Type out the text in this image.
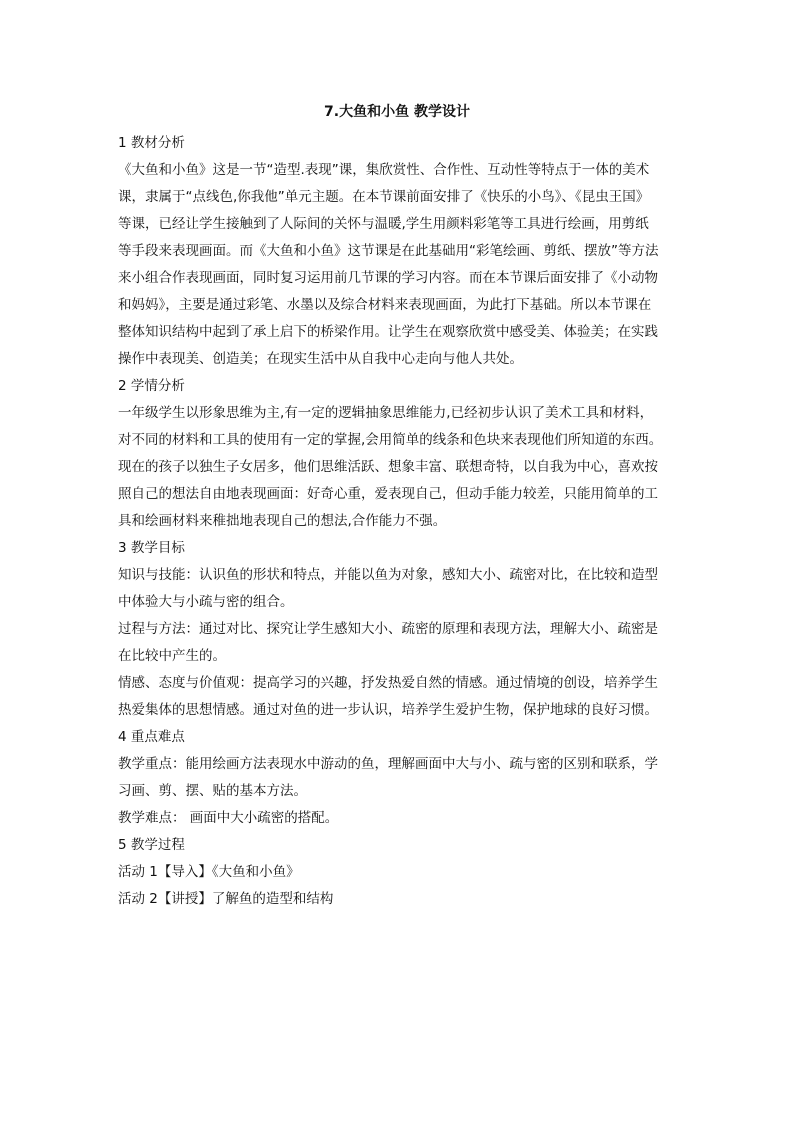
7.大鱼和小鱼 教学设计
1 教材分析
《大鱼和小鱼》这是一节“造型.表现”课，集欣赏性、合作性、互动性等特点于一体的美术
课，隶属于“点线色,你我他”单元主题。在本节课前面安排了《快乐的小鸟》、《昆虫王国》
等课，已经让学生接触到了人际间的关怀与温暖,学生用颜料彩笔等工具进行绘画，用剪纸
等手段来表现画面。而《大鱼和小鱼》这节课是在此基础用“彩笔绘画、剪纸、摆放”等方法
来小组合作表现画面，同时复习运用前几节课的学习内容。而在本节课后面安排了《小动物
和妈妈》，主要是通过彩笔、水墨以及综合材料来表现画面，为此打下基础。所以本节课在
整体知识结构中起到了承上启下的桥梁作用。让学生在观察欣赏中感受美、体验美；在实践
操作中表现美、创造美；在现实生活中从自我中心走向与他人共处。
2 学情分析
一年级学生以形象思维为主,有一定的逻辑抽象思维能力,已经初步认识了美术工具和材料，
对不同的材料和工具的使用有一定的掌握,会用简单的线条和色块来表现他们所知道的东西。
现在的孩子以独生子女居多，他们思维活跃、想象丰富、联想奇特，以自我为中心，喜欢按
照自己的想法自由地表现画面：好奇心重，爱表现自己，但动手能力较差，只能用简单的工
具和绘画材料来稚拙地表现自己的想法,合作能力不强。
3 教学目标
知识与技能：认识鱼的形状和特点，并能以鱼为对象，感知大小、疏密对比，在比较和造型
中体验大与小疏与密的组合。
过程与方法：通过对比、探究让学生感知大小、疏密的原理和表现方法，理解大小、疏密是
在比较中产生的。
情感、态度与价值观：提高学习的兴趣，抒发热爱自然的情感。通过情境的创设，培养学生
热爱集体的思想情感。通过对鱼的进一步认识，培养学生爱护生物，保护地球的良好习惯。
4 重点难点
教学重点：能用绘画方法表现水中游动的鱼，理解画面中大与小、疏与密的区别和联系，学
习画、剪、摆、贴的基本方法。
教学难点： 画面中大小疏密的搭配。
5 教学过程
活动 1【导入】《大鱼和小鱼》
活动 2【讲授】了解鱼的造型和结构
